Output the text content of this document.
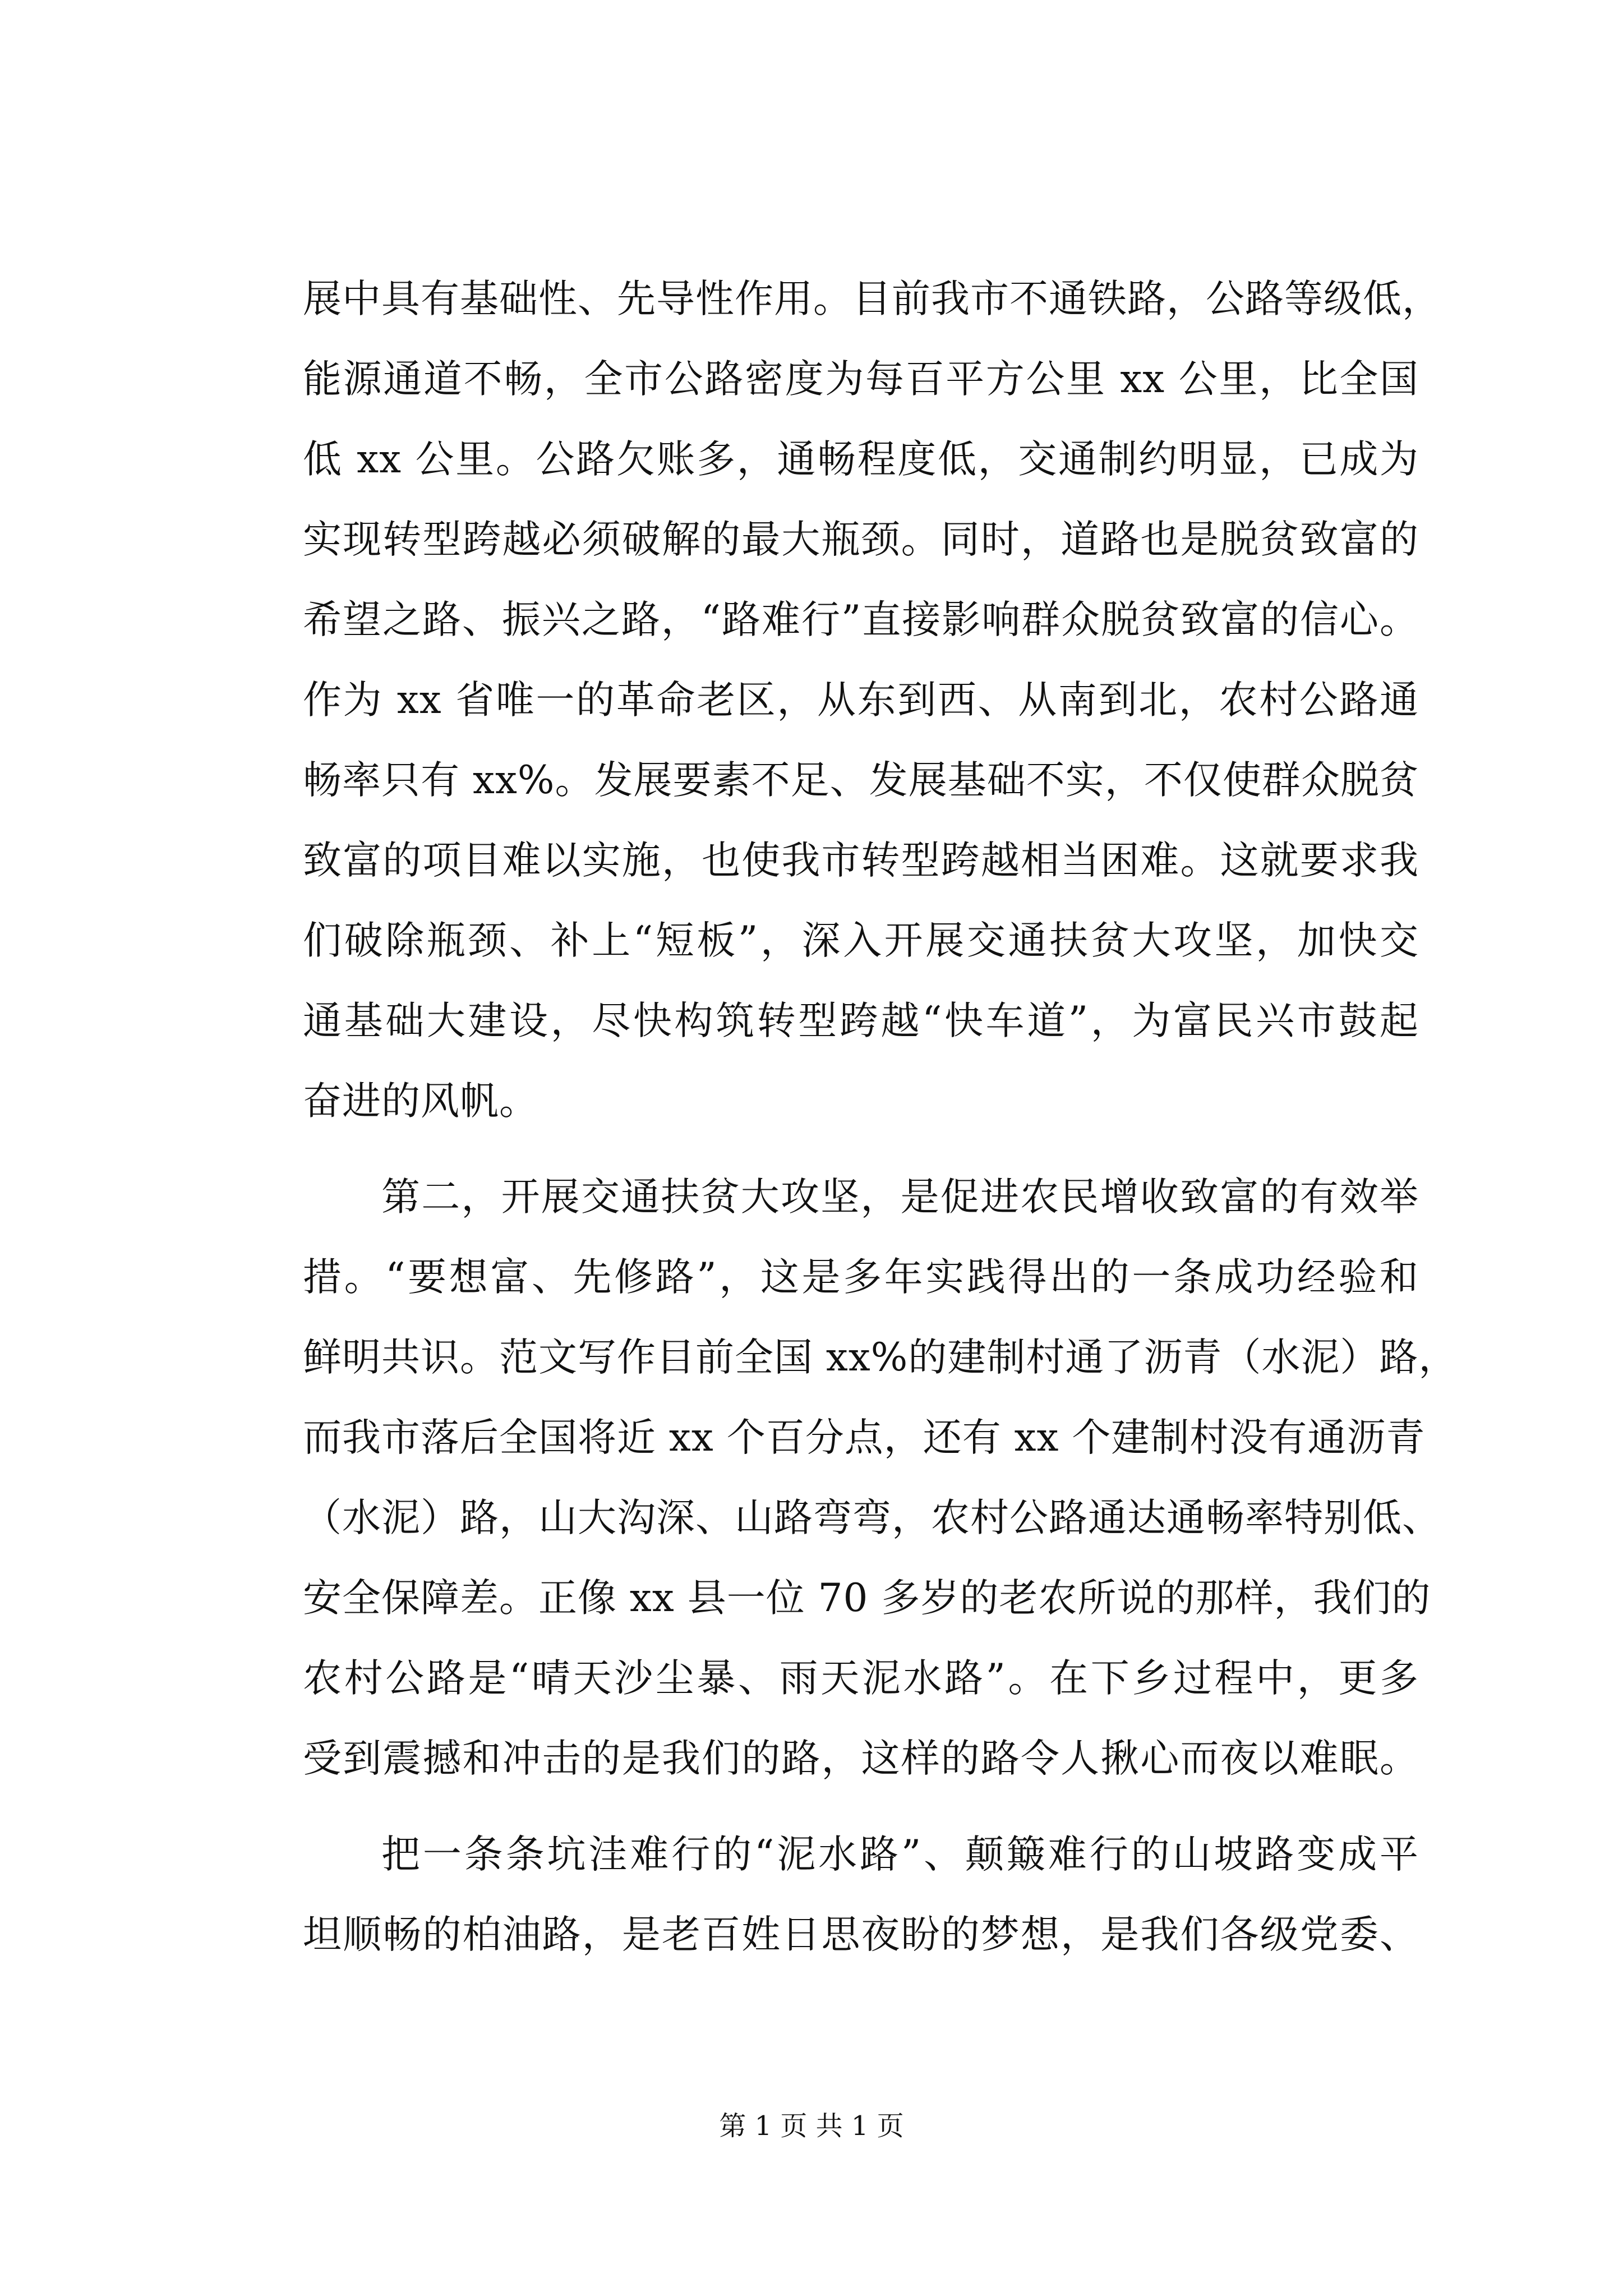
展中具有基础性、先导性作用。目前我市不通铁路，公路等级低，
能源通道不畅，全市公路密度为每百平方公里 xx 公里，比全国
低 xx 公里。公路欠账多，通畅程度低，交通制约明显，已成为
实现转型跨越必须破解的最大瓶颈。同时，道路也是脱贫致富的
希望之路、振兴之路，“路难行”直接影响群众脱贫致富的信心。
作为 xx 省唯一的革命老区，从东到西、从南到北，农村公路通
畅率只有 xx%。发展要素不足、发展基础不实，不仅使群众脱贫
致富的项目难以实施，也使我市转型跨越相当困难。这就要求我
们破除瓶颈、补上“短板”，深入开展交通扶贫大攻坚，加快交
通基础大建设，尽快构筑转型跨越“快车道”，为富民兴市鼓起
奋进的风帆。
第二，开展交通扶贫大攻坚，是促进农民增收致富的有效举
措。“要想富、先修路”，这是多年实践得出的一条成功经验和
鲜明共识。范文写作目前全国 xx%的建制村通了沥青（水泥）路，
而我市落后全国将近 xx 个百分点，还有 xx 个建制村没有通沥青
（水泥）路，山大沟深、山路弯弯，农村公路通达通畅率特别低、
安全保障差。正像 xx 县一位 70 多岁的老农所说的那样，我们的
农村公路是“晴天沙尘暴、雨天泥水路”。在下乡过程中，更多
受到震撼和冲击的是我们的路，这样的路令人揪心而夜以难眠。
把一条条坑洼难行的“泥水路”、颠簸难行的山坡路变成平
坦顺畅的柏油路，是老百姓日思夜盼的梦想，是我们各级党委、
第 1 页 共 1 页
